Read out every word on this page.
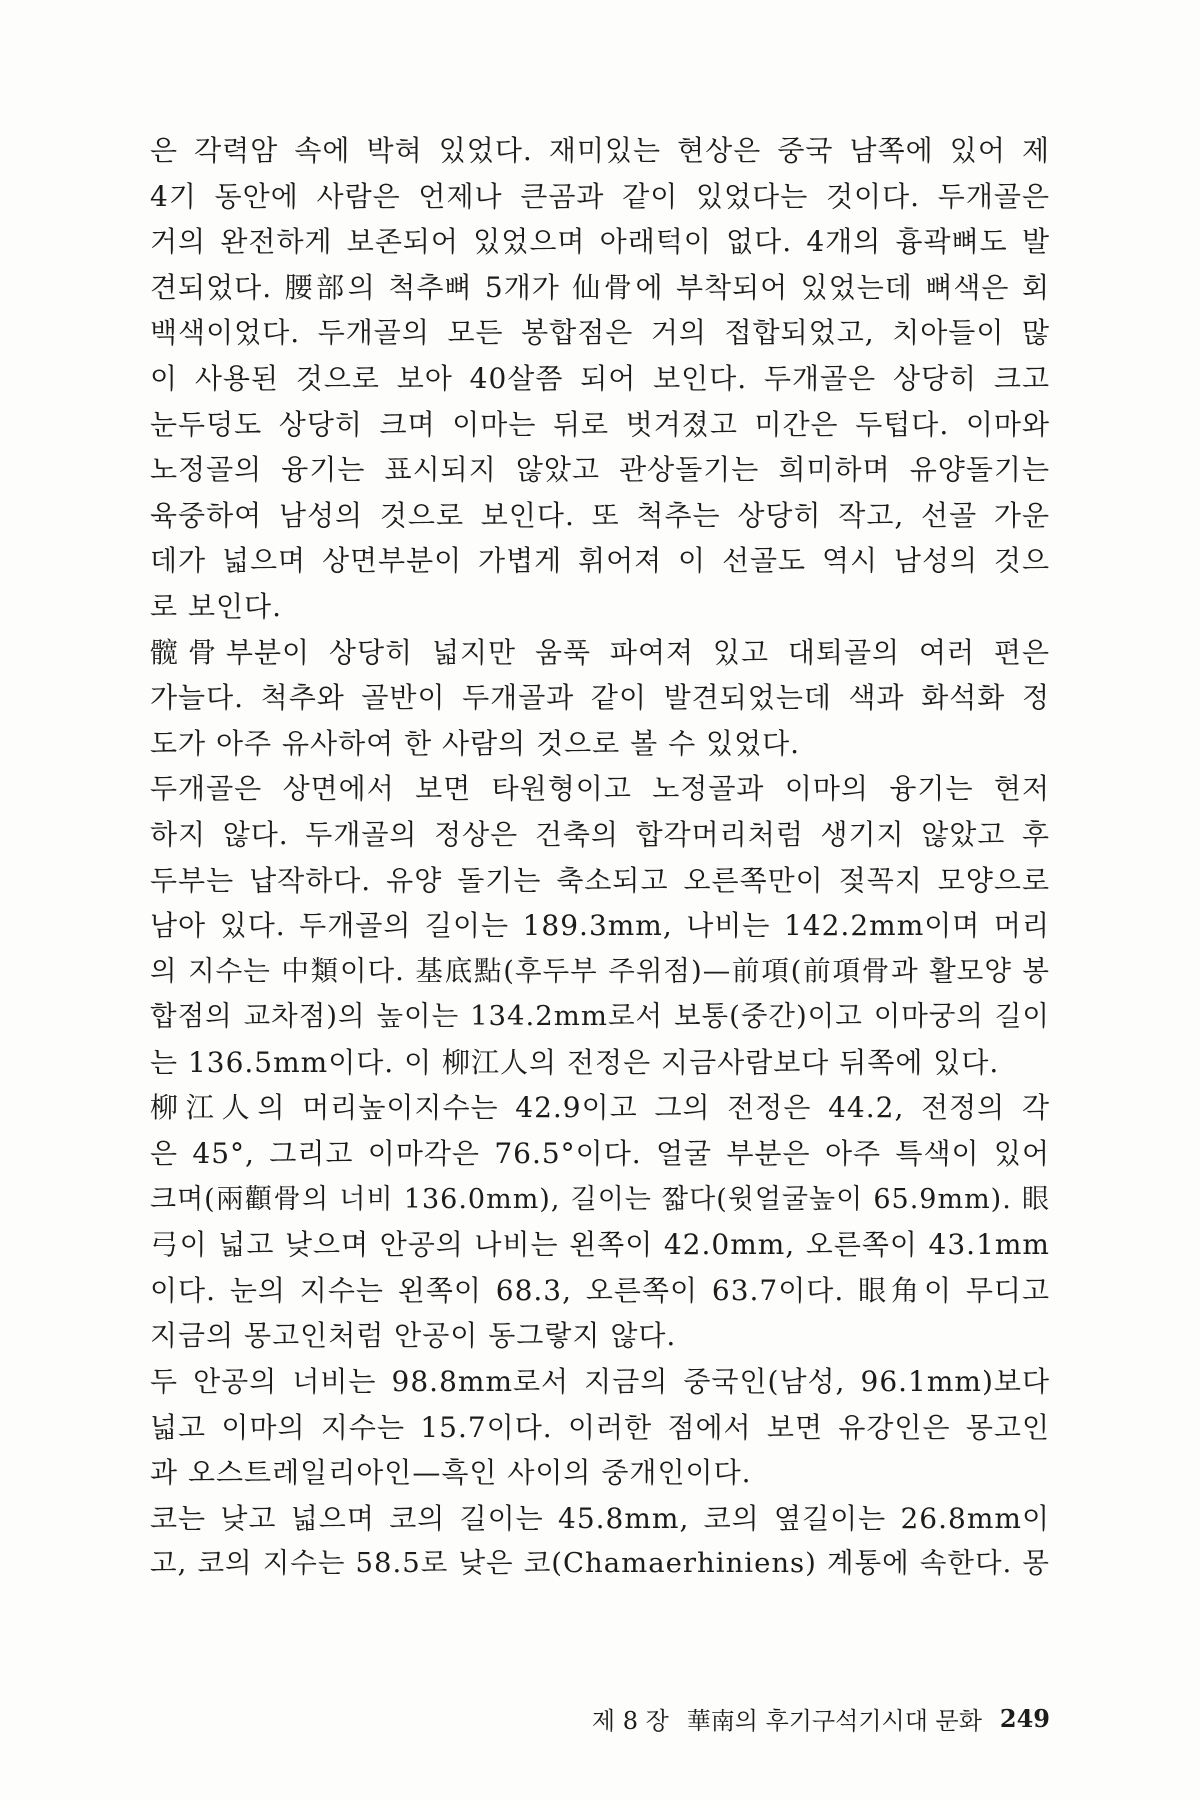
은 각력암 속에 박혀 있었다. 재미있는 현상은 중국 남쪽에 있어 제
4기 동안에 사람은 언제나 큰곰과 같이 있었다는 것이다. 두개골은
거의 완전하게 보존되어 있었으며 아래턱이 없다. 4개의 흉곽뼈도 발
견되었다. 腰部의 척추뼈 5개가 仙骨에 부착되어 있었는데 뼈색은 회
백색이었다. 두개골의 모든 봉합점은 거의 접합되었고, 치아들이 많
이 사용된 것으로 보아 40살쯤 되어 보인다. 두개골은 상당히 크고
눈두덩도 상당히 크며 이마는 뒤로 벗겨졌고 미간은 두텁다. 이마와
노정골의 융기는 표시되지 않았고 관상돌기는 희미하며 유양돌기는
육중하여 남성의 것으로 보인다. 또 척추는 상당히 작고, 선골 가운
데가 넓으며 상면부분이 가볍게 휘어져 이 선골도 역시 남성의 것으
로 보인다.
髋骨부분이 상당히 넓지만 움푹 파여져 있고 대퇴골의 여러 편은
가늘다. 척추와 골반이 두개골과 같이 발견되었는데 색과 화석화 정
도가 아주 유사하여 한 사람의 것으로 볼 수 있었다.
두개골은 상면에서 보면 타원형이고 노정골과 이마의 융기는 현저
하지 않다. 두개골의 정상은 건축의 합각머리처럼 생기지 않았고 후
두부는 납작하다. 유양 돌기는 축소되고 오른쪽만이 젖꼭지 모양으로
남아 있다. 두개골의 길이는 189.3mm, 나비는 142.2mm이며 머리
의 지수는 中類이다. 基底點(후두부 주위점)—前項(前項骨과 활모양 봉
합점의 교차점)의 높이는 134.2mm로서 보통(중간)이고 이마궁의 길이
는 136.5mm이다. 이 柳江人의 전정은 지금사람보다 뒤쪽에 있다.
柳江人의 머리높이지수는 42.9이고 그의 전정은 44.2, 전정의 각
은 45°, 그리고 이마각은 76.5°이다. 얼굴 부분은 아주 특색이 있어
크며(兩顴骨의 너비 136.0mm), 길이는 짧다(윗얼굴높이 65.9mm). 眼
弓이 넓고 낮으며 안공의 나비는 왼쪽이 42.0mm, 오른쪽이 43.1mm
이다. 눈의 지수는 왼쪽이 68.3, 오른쪽이 63.7이다. 眼角이 무디고
지금의 몽고인처럼 안공이 동그랗지 않다.
두 안공의 너비는 98.8mm로서 지금의 중국인(남성, 96.1mm)보다
넓고 이마의 지수는 15.7이다. 이러한 점에서 보면 유강인은 몽고인
과 오스트레일리아인—흑인 사이의 중개인이다.
코는 낮고 넓으며 코의 길이는 45.8mm, 코의 옆길이는 26.8mm이
고, 코의 지수는 58.5로 낮은 코(Chamaerhiniens) 계통에 속한다. 몽
제 8 장 華南의 후기구석기시대 문화 249
